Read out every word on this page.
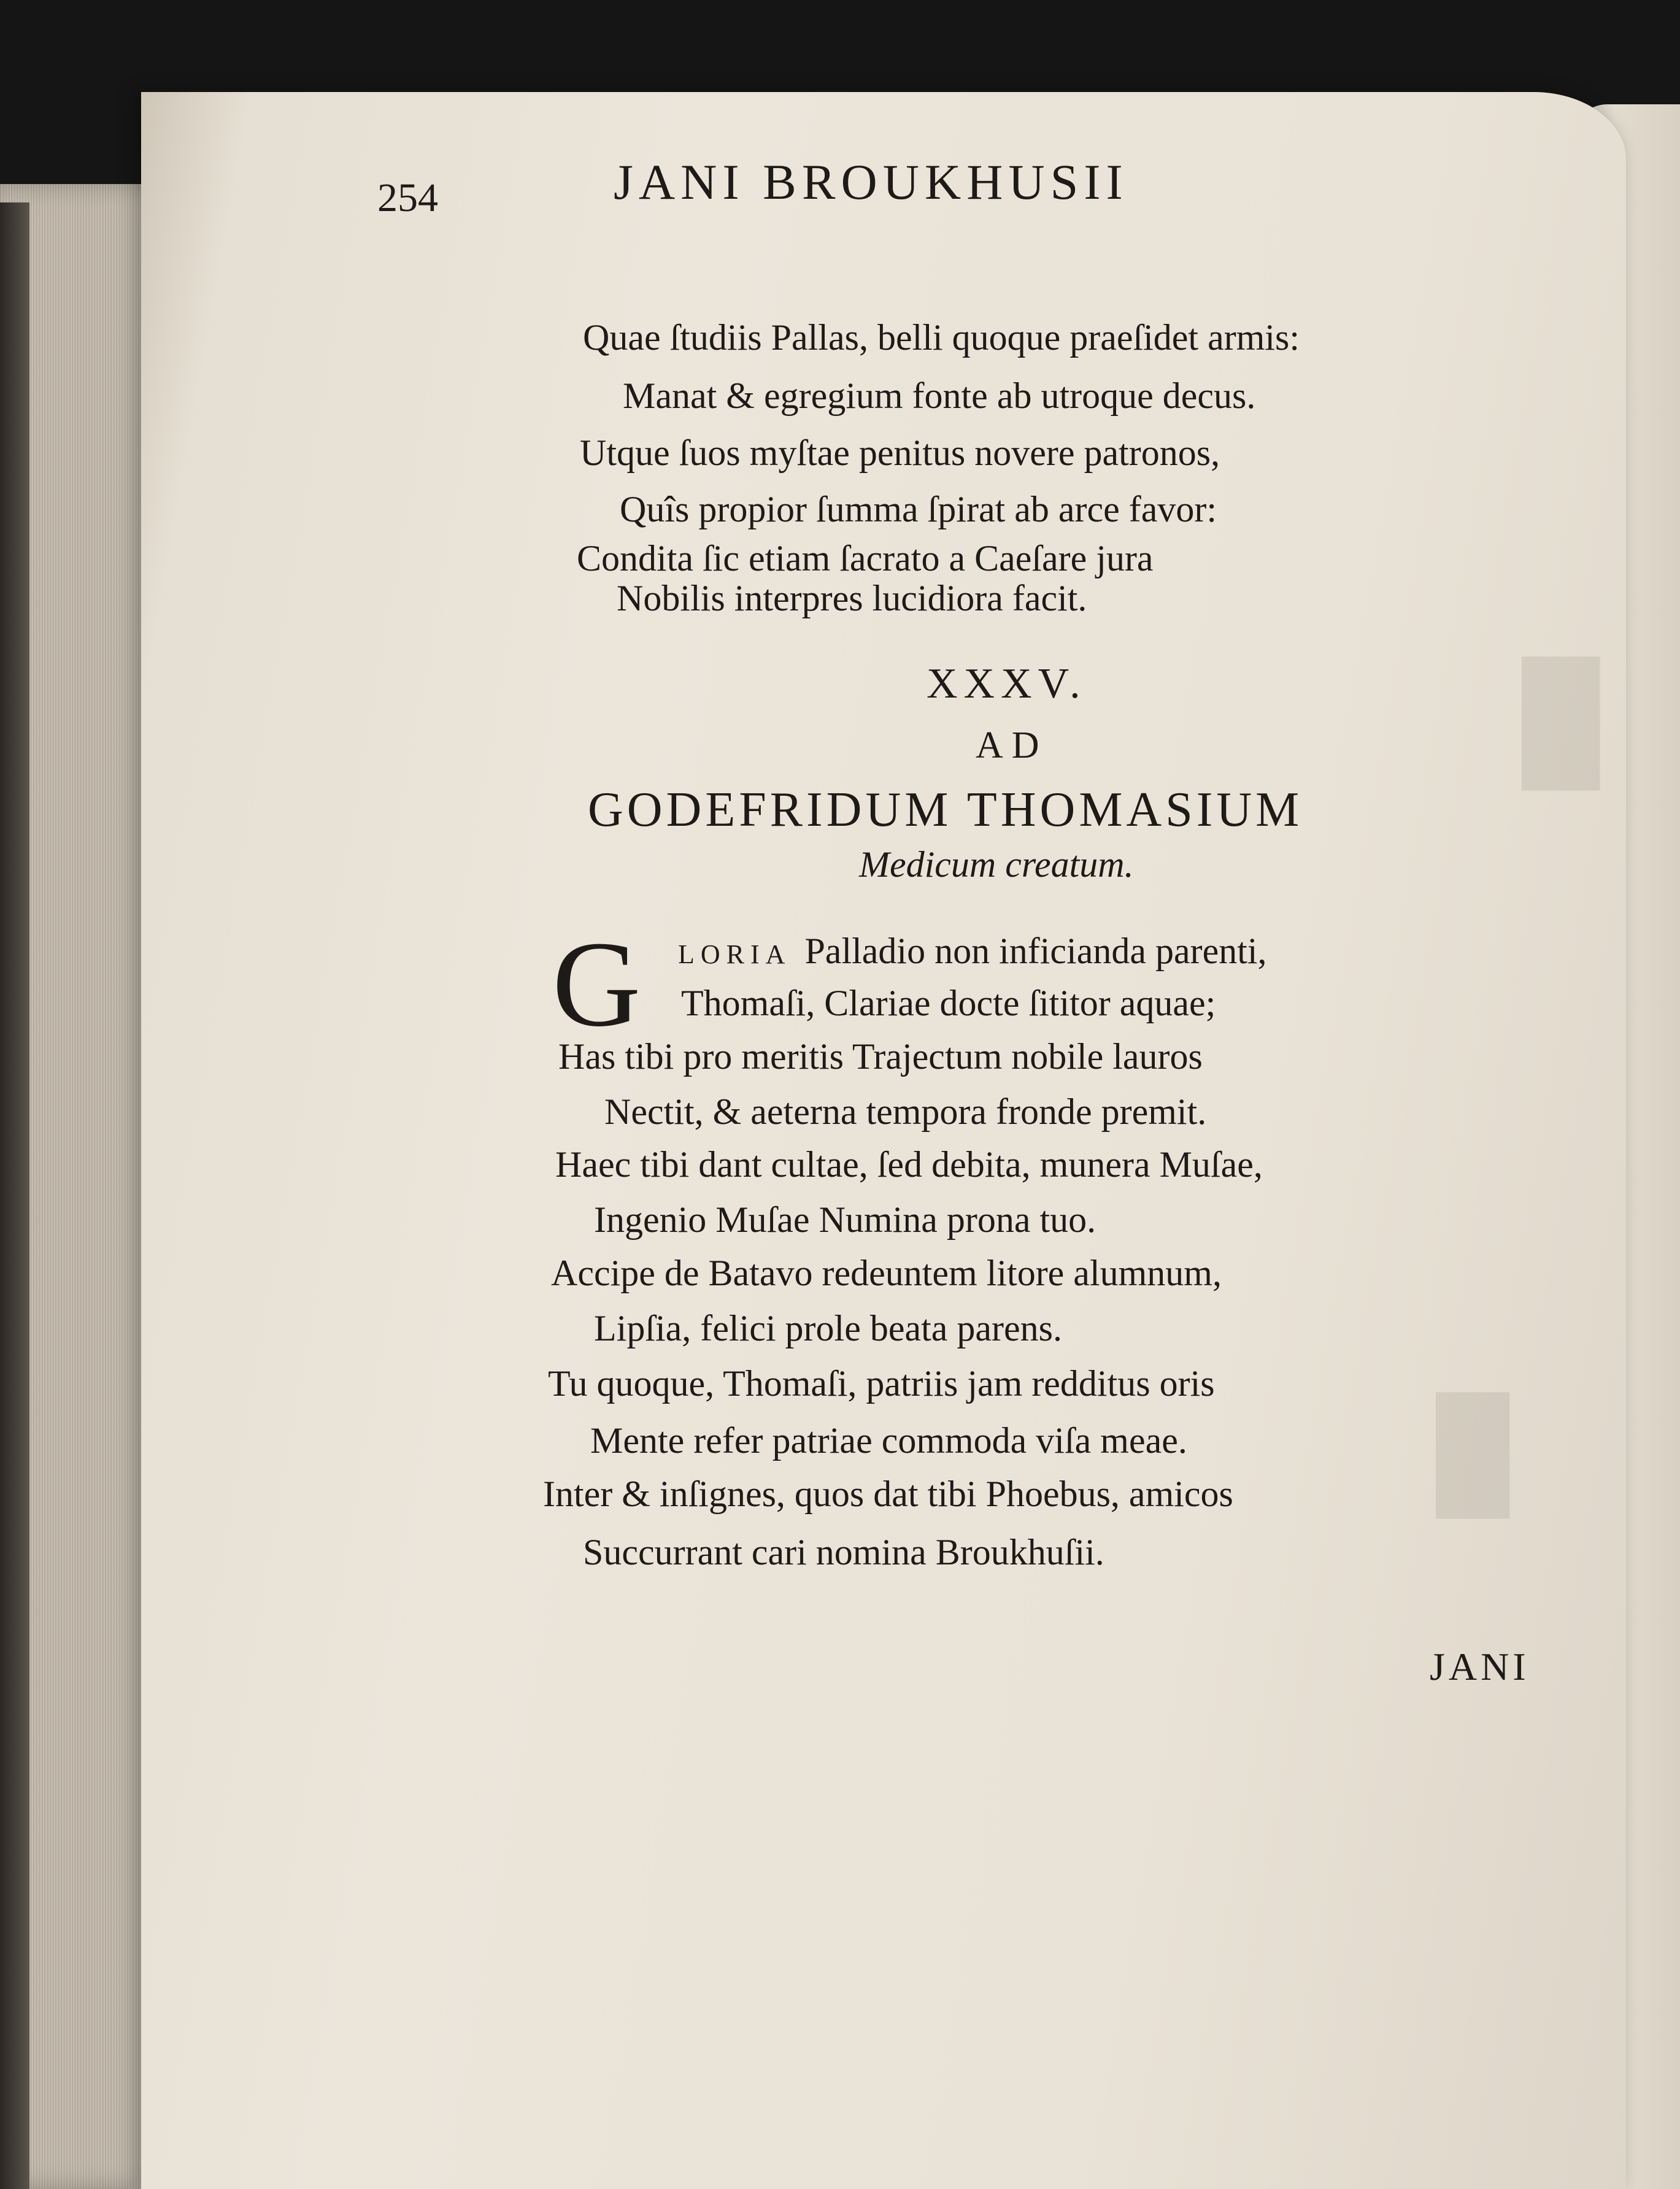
█
█
254	JANI BROUKHUSII
Quae ſtudiis Pallas, belli quoque praeſidet armis:
Manat & egregium fonte ab utroque decus.
Utque ſuos myſtae penitus novere patronos,
Quîs propior ſumma ſpirat ab arce favor:
Condita ſic etiam ſacrato a Caeſare jura
Nobilis interpres lucidiora facit.
XXXV.
AD
GODEFRIDUM THOMASIUM
Medicum creatum.
G LORIA Palladio non inficianda parenti,
Thomaſi, Clariae docte ſititor aquae;
Has tibi pro meritis Trajectum nobile lauros
Nectit, & aeterna tempora fronde premit.
Haec tibi dant cultae, ſed debita, munera Muſae,
Ingenio Muſae Numina prona tuo.
Accipe de Batavo redeuntem litore alumnum,
Lipſia, felici prole beata parens.
Tu quoque, Thomaſi, patriis jam redditus oris
Mente refer patriae commoda viſa meae.
Inter & inſignes, quos dat tibi Phoebus, amicos
Succurrant cari nomina Broukhuſii.
JANI
